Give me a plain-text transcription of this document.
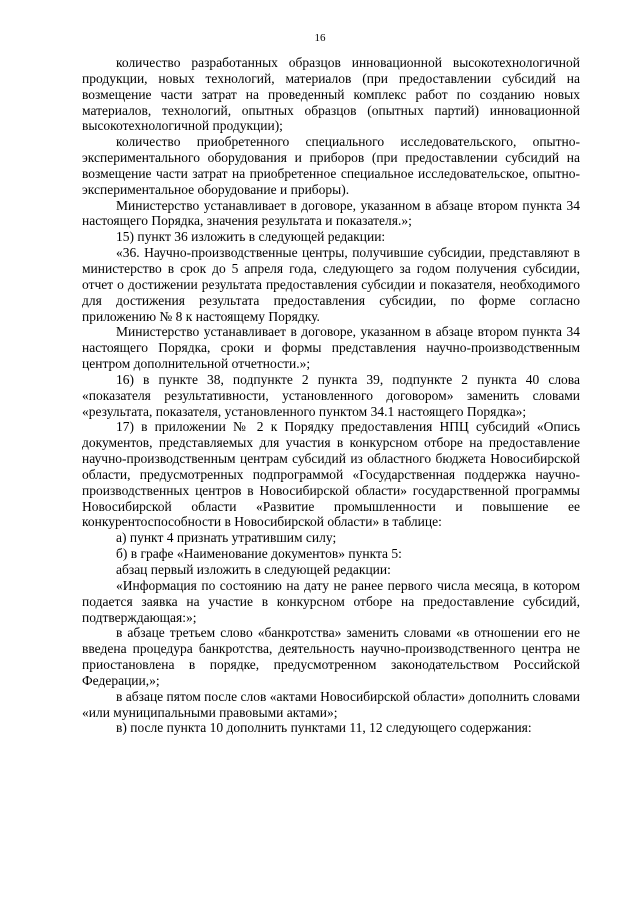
16

количество разработанных образцов инновационной высокотехнологичной продукции, новых технологий, материалов (при предоставлении субсидий на возмещение части затрат на проведенный комплекс работ по созданию новых материалов, технологий, опытных образцов (опытных партий) инновационной высокотехнологичной продукции);

количество приобретенного специального исследовательского, опытно-экспериментального оборудования и приборов (при предоставлении субсидий на возмещение части затрат на приобретенное специальное исследовательское, опытно-экспериментальное оборудование и приборы).

Министерство устанавливает в договоре, указанном в абзаце втором пункта 34 настоящего Порядка, значения результата и показателя.»;

15) пункт 36 изложить в следующей редакции:

«36. Научно-производственные центры, получившие субсидии, представляют в министерство в срок до 5 апреля года, следующего за годом получения субсидии, отчет о достижении результата предоставления субсидии и показателя, необходимого для достижения результата предоставления субсидии, по форме согласно приложению № 8 к настоящему Порядку.

Министерство устанавливает в договоре, указанном в абзаце втором пункта 34 настоящего Порядка, сроки и формы представления научно-производственным центром дополнительной отчетности.»;

16) в пункте 38, подпункте 2 пункта 39, подпункте 2 пункта 40 слова «показателя результативности, установленного договором» заменить словами «результата, показателя, установленного пунктом 34.1 настоящего Порядка»;

17) в приложении № 2 к Порядку предоставления НПЦ субсидий «Опись документов, представляемых для участия в конкурсном отборе на предоставление научно-производственным центрам субсидий из областного бюджета Новосибирской области, предусмотренных подпрограммой «Государственная поддержка научно-производственных центров в Новосибирской области» государственной программы Новосибирской области «Развитие промышленности и повышение ее конкурентоспособности в Новосибирской области» в таблице:

а) пункт 4 признать утратившим силу;

б) в графе «Наименование документов» пункта 5:

абзац первый изложить в следующей редакции:

«Информация по состоянию на дату не ранее первого числа месяца, в котором подается заявка на участие в конкурсном отборе на предоставление субсидий, подтверждающая:»;

в абзаце третьем слово «банкротства» заменить словами «в отношении его не введена процедура банкротства, деятельность научно-производственного центра не приостановлена в порядке, предусмотренном законодательством Российской Федерации,»;

в абзаце пятом после слов «актами Новосибирской области» дополнить словами «или муниципальными правовыми актами»;

в) после пункта 10 дополнить пунктами 11, 12 следующего содержания:
